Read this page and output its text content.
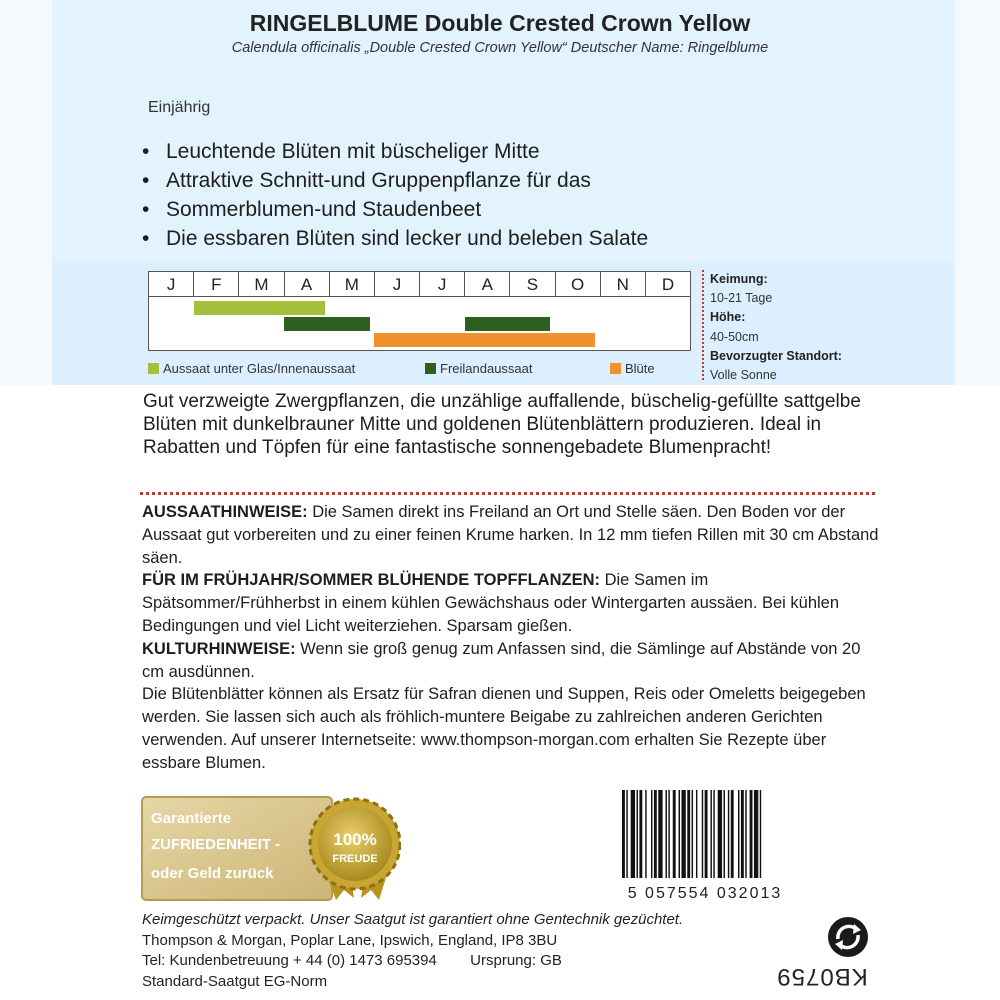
RINGELBLUME Double Crested Crown Yellow
Calendula officinalis „Double Crested Crown Yellow“ Deutscher Name: Ringelblume
Einjährig
• Leuchtende Blüten mit büscheliger Mitte
• Attraktive Schnitt-und Gruppenpflanze für das
• Sommerblumen-und Staudenbeet
• Die essbaren Blüten sind lecker und beleben Salate
J	F	M	A	M	J	J	A	S	O	N	D
Aussaat unter Glas/Innenaussaat	Freilandaussaat	Blüte
Keimung:
10-21 Tage
Höhe:
40-50cm
Bevorzugter Standort:
Volle Sonne
Gut verzweigte Zwergpflanzen, die unzählige auffallende, büschelig-gefüllte sattgelbe Blüten mit dunkelbrauner Mitte und goldenen Blütenblättern produzieren. Ideal in Rabatten und Töpfen für eine fantastische sonnengebadete Blumenpracht!

AUSSAATHINWEISE: Die Samen direkt ins Freiland an Ort und Stelle säen. Den Boden vor der Aussaat gut vorbereiten und zu einer feinen Krume harken. In 12 mm tiefen Rillen mit 30 cm Abstand säen.

FÜR IM FRÜHJAHR/SOMMER BLÜHENDE TOPFFLANZEN: Die Samen im Spätsommer/Frühherbst in einem kühlen Gewächshaus oder Wintergarten aussäen. Bei kühlen Bedingungen und viel Licht weiterziehen. Sparsam gießen.

KULTURHINWEISE: Wenn sie groß genug zum Anfassen sind, die Sämlinge auf Abstände von 20 cm ausdünnen.

Die Blütenblätter können als Ersatz für Safran dienen und Suppen, Reis oder Omeletts beigegeben werden. Sie lassen sich auch als fröhlich-muntere Beigabe zu zahlreichen anderen Gerichten verwenden. Auf unserer Internetseite: www.thompson-morgan.com erhalten Sie Rezepte über essbare Blumen.

Garantierte
ZUFRIEDENHEIT -
oder Geld zurück
100%
FREUDE
5 057554 032013
Keimgeschützt verpackt. Unser Saatgut ist garantiert ohne Gentechnik gezüchtet.
Thompson & Morgan, Poplar Lane, Ipswich, England, IP8 3BU
Tel: Kundenbetreuung + 44 (0) 1473 695394        Ursprung: GB
Standard-Saatgut EG-Norm	KB0759
